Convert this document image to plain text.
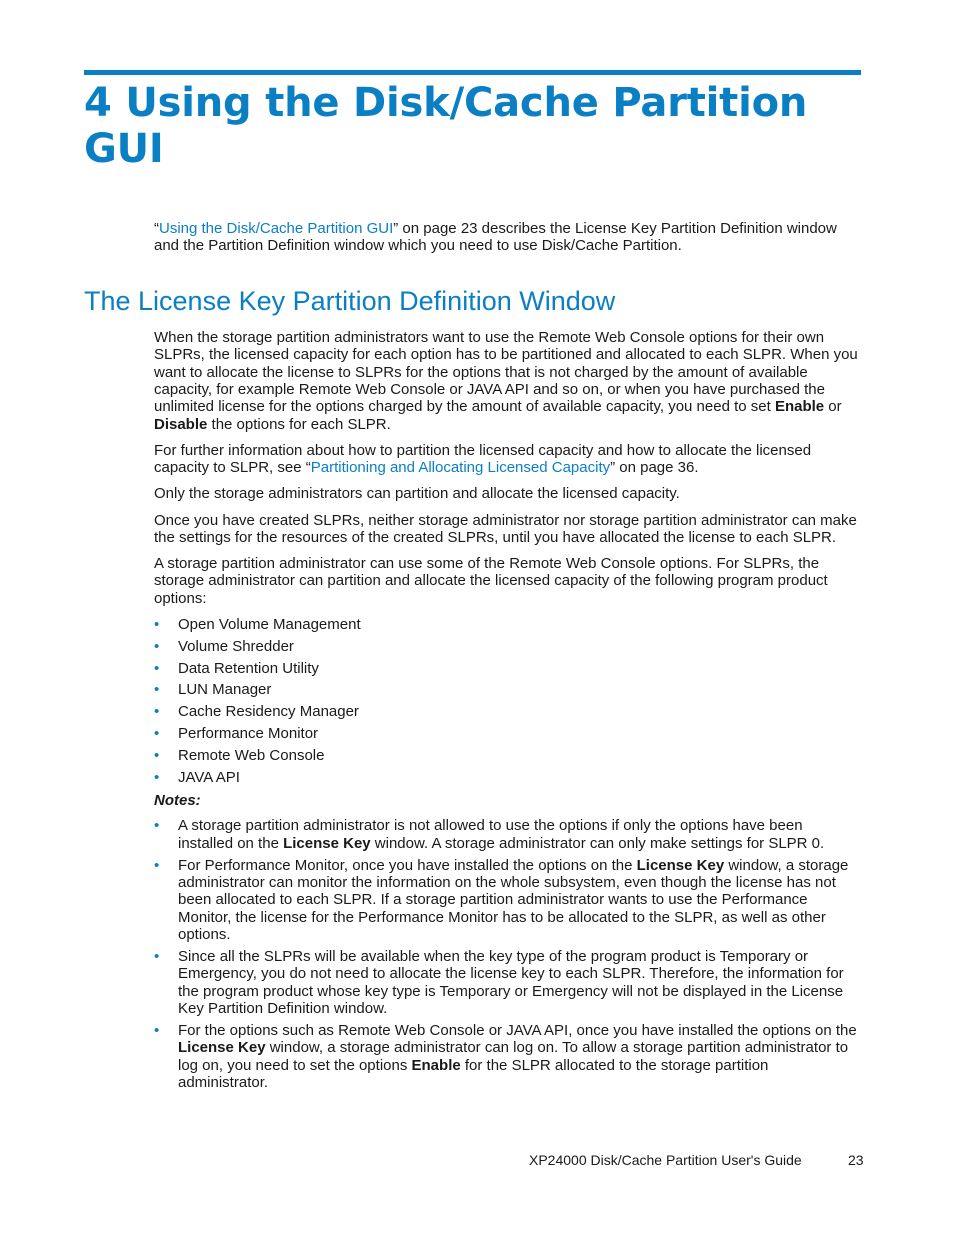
4 Using the Disk/Cache Partition GUI

“Using the Disk/Cache Partition GUI” on page 23 describes the License Key Partition Definition window and the Partition Definition window which you need to use Disk/Cache Partition.

The License Key Partition Definition Window

When the storage partition administrators want to use the Remote Web Console options for their own SLPRs, the licensed capacity for each option has to be partitioned and allocated to each SLPR. When you want to allocate the license to SLPRs for the options that is not charged by the amount of available capacity, for example Remote Web Console or JAVA API and so on, or when you have purchased the unlimited license for the options charged by the amount of available capacity, you need to set Enable or Disable the options for each SLPR.

For further information about how to partition the licensed capacity and how to allocate the licensed capacity to SLPR, see “Partitioning and Allocating Licensed Capacity” on page 36.

Only the storage administrators can partition and allocate the licensed capacity.

Once you have created SLPRs, neither storage administrator nor storage partition administrator can make the settings for the resources of the created SLPRs, until you have allocated the license to each SLPR.

A storage partition administrator can use some of the Remote Web Console options. For SLPRs, the storage administrator can partition and allocate the licensed capacity of the following program product options:

• Open Volume Management
• Volume Shredder
• Data Retention Utility
• LUN Manager
• Cache Residency Manager
• Performance Monitor
• Remote Web Console
• JAVA API

Notes:

• A storage partition administrator is not allowed to use the options if only the options have been installed on the License Key window. A storage administrator can only make settings for SLPR 0.
• For Performance Monitor, once you have installed the options on the License Key window, a storage administrator can monitor the information on the whole subsystem, even though the license has not been allocated to each SLPR. If a storage partition administrator wants to use the Performance Monitor, the license for the Performance Monitor has to be allocated to the SLPR, as well as other options.
• Since all the SLPRs will be available when the key type of the program product is Temporary or Emergency, you do not need to allocate the license key to each SLPR. Therefore, the information for the program product whose key type is Temporary or Emergency will not be displayed in the License Key Partition Definition window.
• For the options such as Remote Web Console or JAVA API, once you have installed the options on the License Key window, a storage administrator can log on. To allow a storage partition administrator to log on, you need to set the options Enable for the SLPR allocated to the storage partition administrator.
XP24000 Disk/Cache Partition User's Guide	23
